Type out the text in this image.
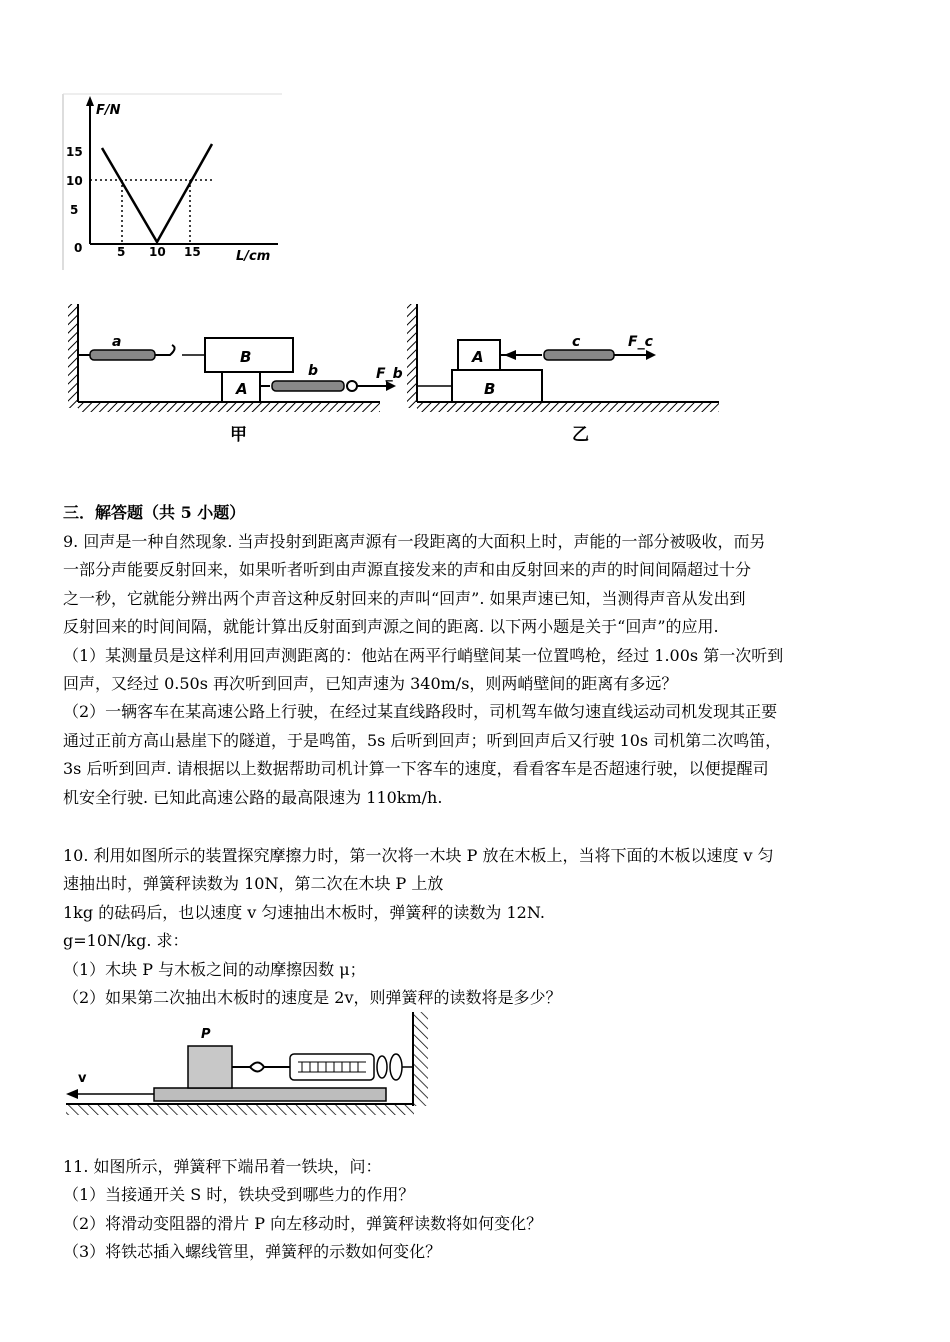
F/N
L/cm
15
10
5
0	5 10 15
a
B
A
b	F_b
甲
B
A
c	F_c
乙
三．解答题（共 5 小题）
9. 回声是一种自然现象. 当声投射到距离声源有一段距离的大面积上时，声能的一部分被吸收，而另
一部分声能要反射回来，如果听者听到由声源直接发来的声和由反射回来的声的时间间隔超过十分
之一秒，它就能分辨出两个声音这种反射回来的声叫“回声”. 如果声速已知，当测得声音从发出到
反射回来的时间间隔，就能计算出反射面到声源之间的距离. 以下两小题是关于“回声”的应用.
（1）某测量员是这样利用回声测距离的：他站在两平行峭壁间某一位置鸣枪，经过 1.00s 第一次听到
回声，又经过 0.50s 再次听到回声，已知声速为 340m/s，则两峭壁间的距离有多远？
（2）一辆客车在某高速公路上行驶，在经过某直线路段时，司机驾车做匀速直线运动司机发现其正要
通过正前方高山悬崖下的隧道，于是鸣笛，5s 后听到回声；听到回声后又行驶 10s 司机第二次鸣笛，
3s 后听到回声. 请根据以上数据帮助司机计算一下客车的速度，看看客车是否超速行驶，以便提醒司
机安全行驶. 已知此高速公路的最高限速为 110km/h.
10. 利用如图所示的装置探究摩擦力时，第一次将一木块 P 放在木板上，当将下面的木板以速度 v 匀
速抽出时，弹簧秤读数为 10N，第二次在木块 P 上放
1kg 的砝码后，也以速度 v 匀速抽出木板时，弹簧秤的读数为 12N.
g=10N/kg. 求：
（1）木块 P 与木板之间的动摩擦因数 μ；
（2）如果第二次抽出木板时的速度是 2v，则弹簧秤的读数将是多少？
P
v
11. 如图所示，弹簧秤下端吊着一铁块，问：
（1）当接通开关 S 时，铁块受到哪些力的作用？
（2）将滑动变阻器的滑片 P 向左移动时，弹簧秤读数将如何变化？
（3）将铁芯插入螺线管里，弹簧秤的示数如何变化？
